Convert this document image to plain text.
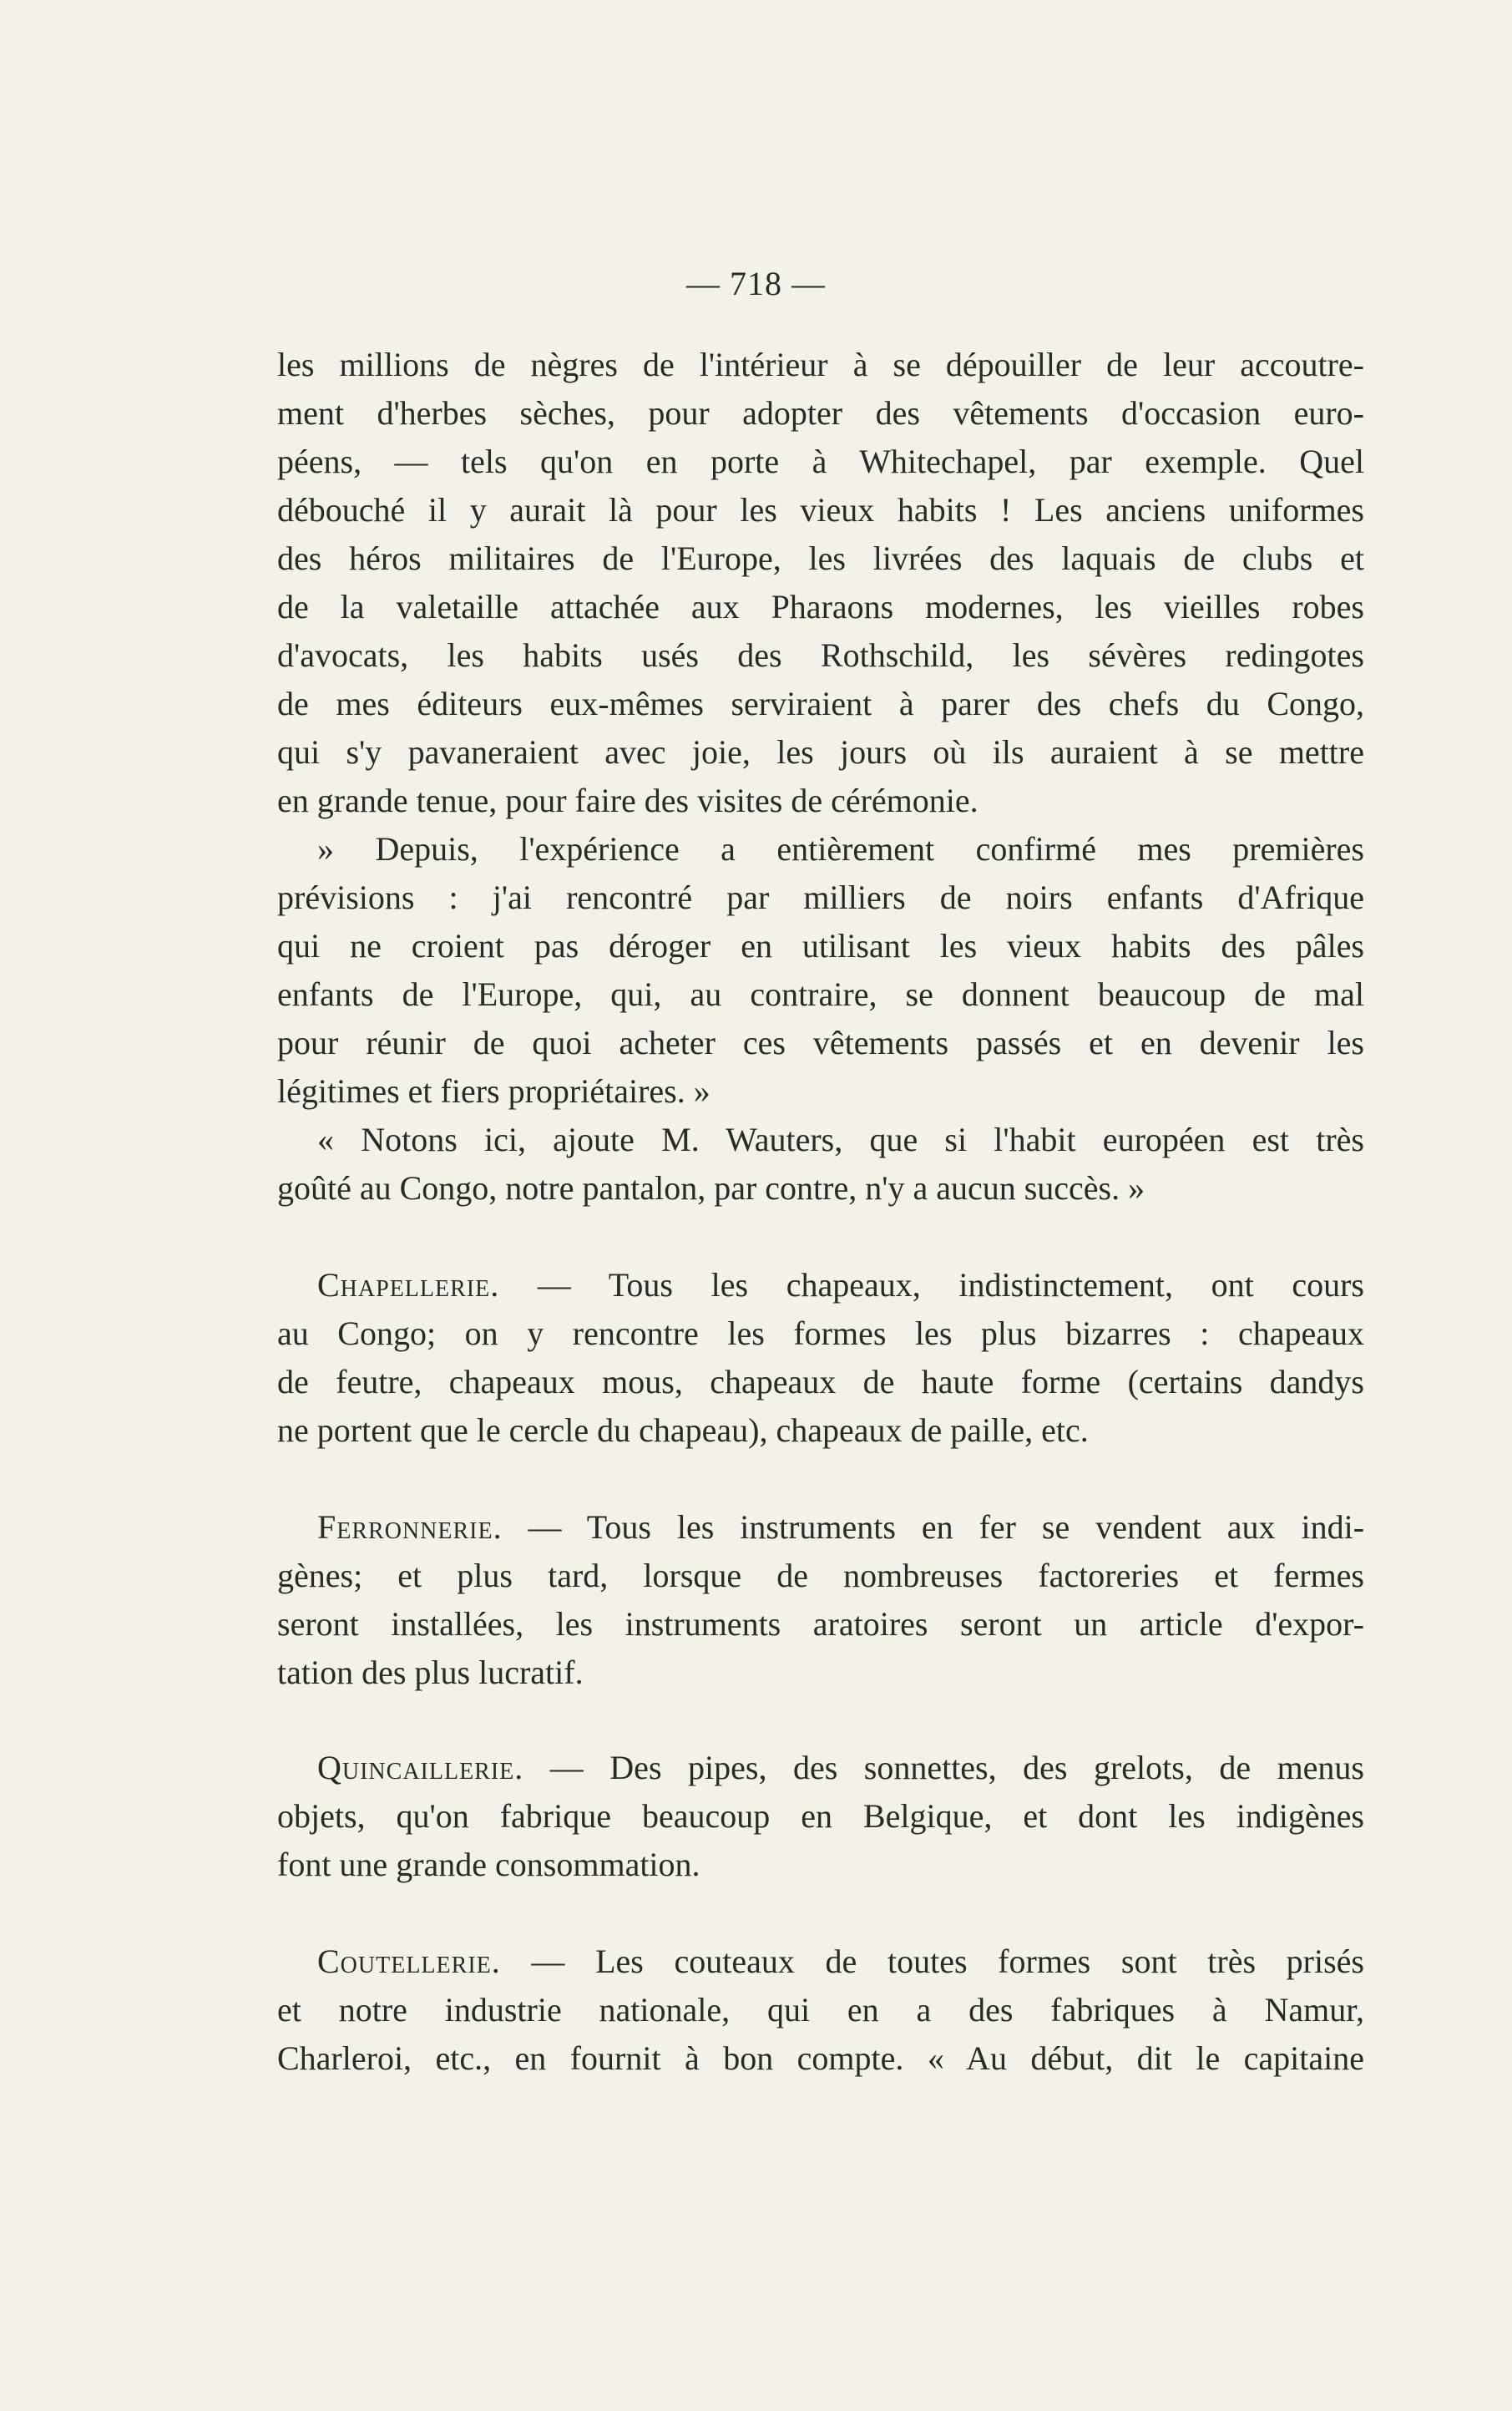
— 718 —
les millions de nègres de l'intérieur à se dépouiller de leur accoutre-
ment d'herbes sèches, pour adopter des vêtements d'occasion euro-
péens, — tels qu'on en porte à Whitechapel, par exemple. Quel
débouché il y aurait là pour les vieux habits ! Les anciens uniformes
des héros militaires de l'Europe, les livrées des laquais de clubs et
de la valetaille attachée aux Pharaons modernes, les vieilles robes
d'avocats, les habits usés des Rothschild, les sévères redingotes
de mes éditeurs eux-mêmes serviraient à parer des chefs du Congo,
qui s'y pavaneraient avec joie, les jours où ils auraient à se mettre
en grande tenue, pour faire des visites de cérémonie.
» Depuis, l'expérience a entièrement confirmé mes premières
prévisions : j'ai rencontré par milliers de noirs enfants d'Afrique
qui ne croient pas déroger en utilisant les vieux habits des pâles
enfants de l'Europe, qui, au contraire, se donnent beaucoup de mal
pour réunir de quoi acheter ces vêtements passés et en devenir les
légitimes et fiers propriétaires. »
« Notons ici, ajoute M. Wauters, que si l'habit européen est très
goûté au Congo, notre pantalon, par contre, n'y a aucun succès. »
Chapellerie. — Tous les chapeaux, indistinctement, ont cours
au Congo; on y rencontre les formes les plus bizarres : chapeaux
de feutre, chapeaux mous, chapeaux de haute forme (certains dandys
ne portent que le cercle du chapeau), chapeaux de paille, etc.
Ferronnerie. — Tous les instruments en fer se vendent aux indi-
gènes; et plus tard, lorsque de nombreuses factoreries et fermes
seront installées, les instruments aratoires seront un article d'expor-
tation des plus lucratif.
Quincaillerie. — Des pipes, des sonnettes, des grelots, de menus
objets, qu'on fabrique beaucoup en Belgique, et dont les indigènes
font une grande consommation.
Coutellerie. — Les couteaux de toutes formes sont très prisés
et notre industrie nationale, qui en a des fabriques à Namur,
Charleroi, etc., en fournit à bon compte. « Au début, dit le capitaine
